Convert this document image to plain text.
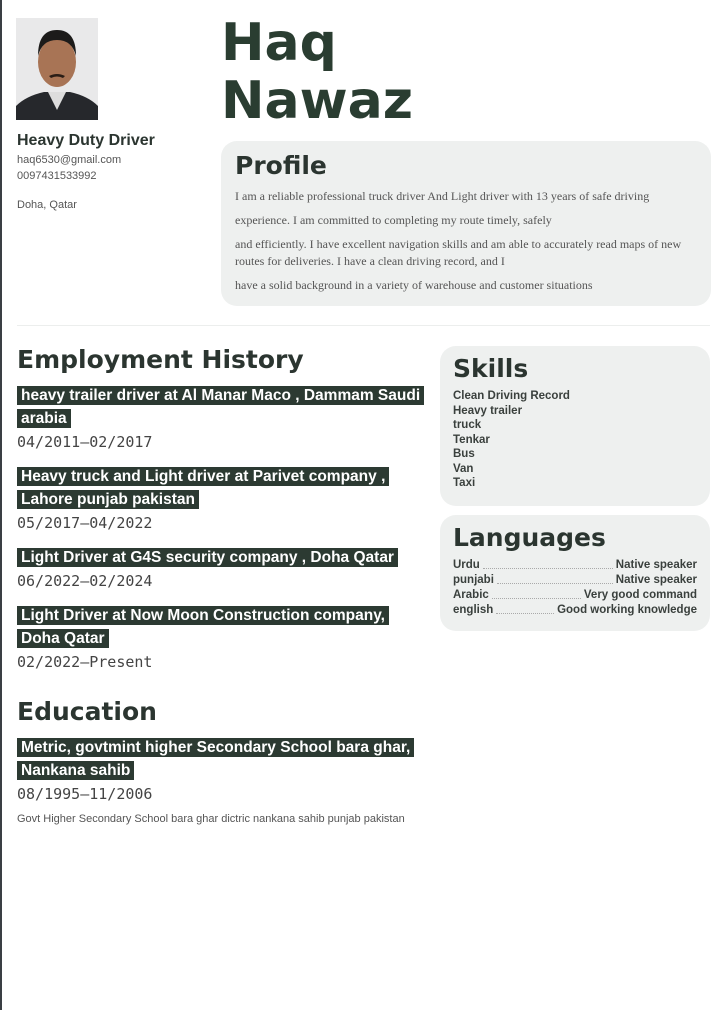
Heavy Duty Driver
haq6530@gmail.com
0097431533992
Doha, Qatar
Haq
Nawaz
Profile

I am a reliable professional truck driver And Light driver with 13 years of safe driving

experience. I am committed to completing my route timely, safely

and efficiently. I have excellent navigation skills and am able to accurately read maps of new routes for deliveries. I have a clean driving record, and I

have a solid background in a variety of warehouse and customer situations

Employment History
heavy trailer driver at Al Manar Maco , Dammam Saudi arabia
04/2011—02/2017
Heavy truck and Light driver at Parivet company , Lahore punjab pakistan
05/2017—04/2022
Light Driver at G4S security company , Doha Qatar
06/2022—02/2024
Light Driver at Now Moon Construction company, Doha Qatar
02/2022—Present
Education
Metric, govtmint higher Secondary School bara ghar, Nankana sahib
08/1995—11/2006
Govt Higher Secondary School bara ghar dictric nankana sahib punjab pakistan
Skills
Clean Driving Record
Heavy trailer
truck
Tenkar
Bus
Van
Taxi
Languages
Urdu	Native speaker
punjabi	Native speaker
Arabic	Very good command
english	Good working knowledge
